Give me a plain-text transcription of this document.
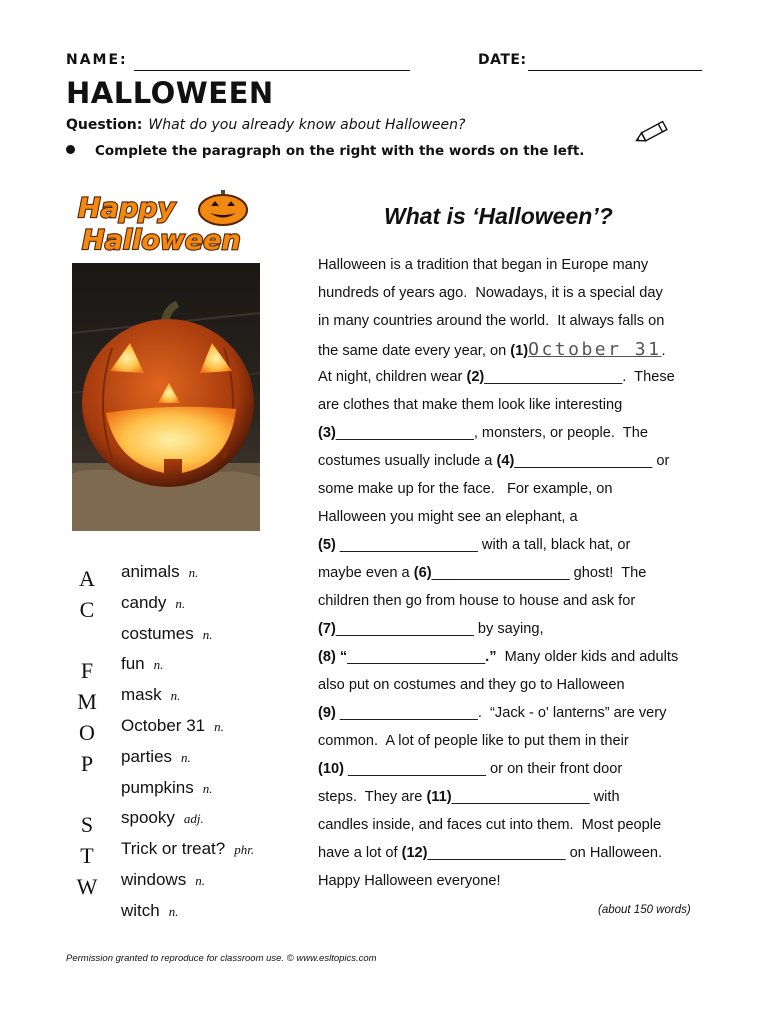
NAME:	DATE:
HALLOWEEN
Question: What do you already know about Halloween?
Complete the paragraph on the right with the words on the left.
Happy
Halloween
A animals n.
C candy n.
costumes n.
F fun n.
M mask n.
O October 31 n.
P parties n.
pumpkins n.
S spooky adj.
T Trick or treat? phr.
W windows n.
witch n.
What is ‘Halloween’?
Halloween is a tradition that began in Europe many
hundreds of years ago.  Nowadays, it is a special day
in many countries around the world.  It always falls on
the same date every year, on (1)October 31.
At night, children wear (2)_________________.  These
are clothes that make them look like interesting
(3)_________________, monsters, or people.  The
costumes usually include a (4)_________________ or
some make up for the face.   For example, on
Halloween you might see an elephant, a
(5) _________________ with a tall, black hat, or
maybe even a (6)_________________ ghost!  The
children then go from house to house and ask for
(7)_________________ by saying,
(8) “_________________.”  Many older kids and adults
also put on costumes and they go to Halloween
(9) _________________.  “Jack - o' lanterns” are very
common.  A lot of people like to put them in their
(10) _________________ or on their front door
steps.  They are (11)_________________ with
candles inside, and faces cut into them.  Most people
have a lot of (12)_________________ on Halloween.
Happy Halloween everyone!
(about 150 words)
Permission granted to reproduce for classroom use. © www.esltopics.com
